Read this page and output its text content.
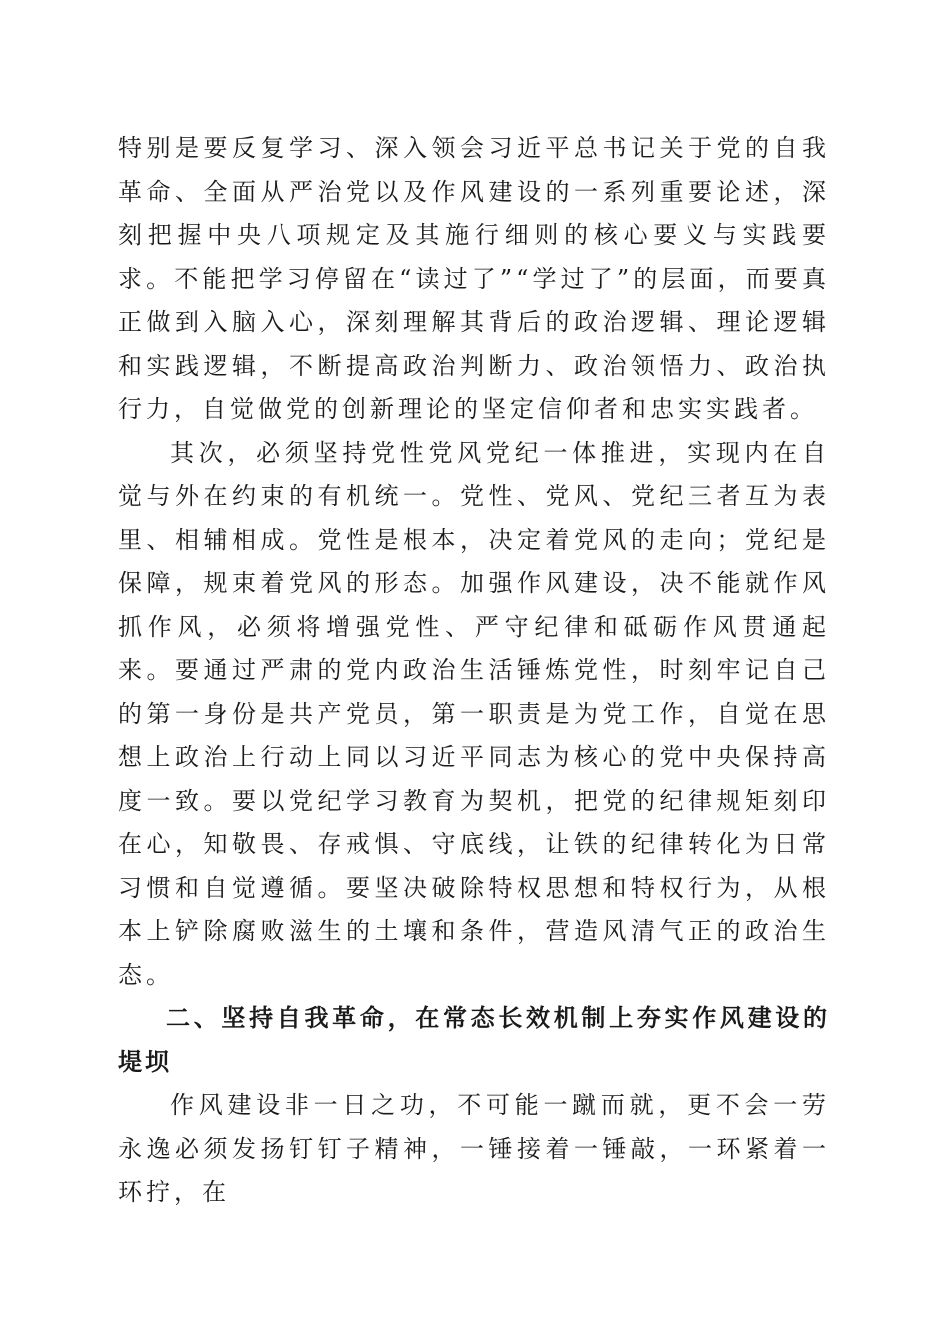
特别是要反复学习、深入领会习近平总书记关于党的自我革命、全面从严治党以及作风建设的一系列重要论述，深刻把握中央八项规定及其施行细则的核心要义与实践要求。不能把学习停留在“读过了”“学过了”的层面，而要真正做到入脑入心，深刻理解其背后的政治逻辑、理论逻辑和实践逻辑，不断提高政治判断力、政治领悟力、政治执行力，自觉做党的创新理论的坚定信仰者和忠实实践者。

其次，必须坚持党性党风党纪一体推进，实现内在自觉与外在约束的有机统一。党性、党风、党纪三者互为表里、相辅相成。党性是根本，决定着党风的走向；党纪是保障，规束着党风的形态。加强作风建设，决不能就作风抓作风，必须将增强党性、严守纪律和砥砺作风贯通起来。要通过严肃的党内政治生活锤炼党性，时刻牢记自己的第一身份是共产党员，第一职责是为党工作，自觉在思想上政治上行动上同以习近平同志为核心的党中央保持高度一致。要以党纪学习教育为契机，把党的纪律规矩刻印在心，知敬畏、存戒惧、守底线，让铁的纪律转化为日常习惯和自觉遵循。要坚决破除特权思想和特权行为，从根本上铲除腐败滋生的土壤和条件，营造风清气正的政治生态。

二、坚持自我革命，在常态长效机制上夯实作风建设的堤坝

作风建设非一日之功，不可能一蹴而就，更不会一劳永逸必须发扬钉钉子精神，一锤接着一锤敲，一环紧着一环拧，在
